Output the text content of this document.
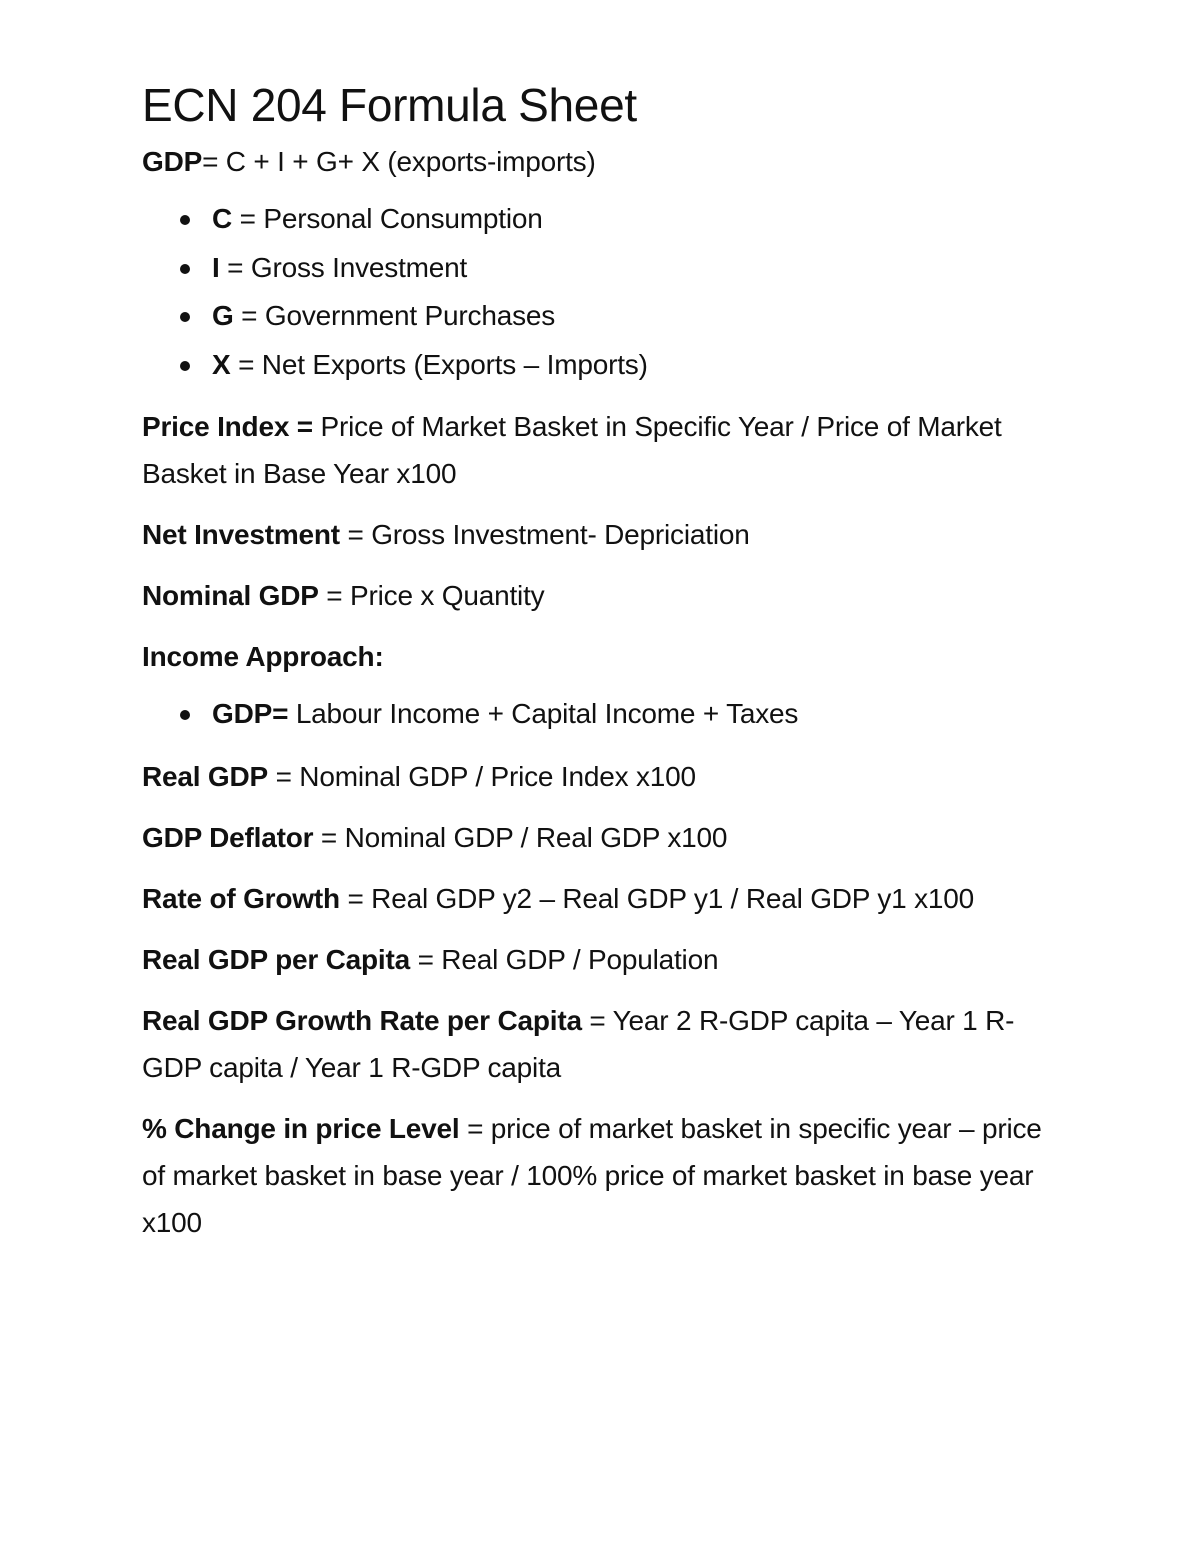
ECN 204 Formula Sheet

GDP= C + I + G+ X (exports-imports)

C = Personal Consumption
I = Gross Investment
G = Government Purchases
X = Net Exports (Exports – Imports)

Price Index = Price of Market Basket in Specific Year / Price of Market Basket in Base Year x100

Net Investment = Gross Investment- Depriciation

Nominal GDP = Price x Quantity

Income Approach:

GDP= Labour Income + Capital Income + Taxes

Real GDP = Nominal GDP / Price Index x100

GDP Deflator = Nominal GDP / Real GDP x100

Rate of Growth = Real GDP y2 – Real GDP y1 / Real GDP y1 x100

Real GDP per Capita = Real GDP / Population

Real GDP Growth Rate per Capita = Year 2 R-GDP capita – Year 1 R-GDP capita / Year 1 R-GDP capita

% Change in price Level = price of market basket in specific year – price of market basket in base year / 100% price of market basket in base year x100
